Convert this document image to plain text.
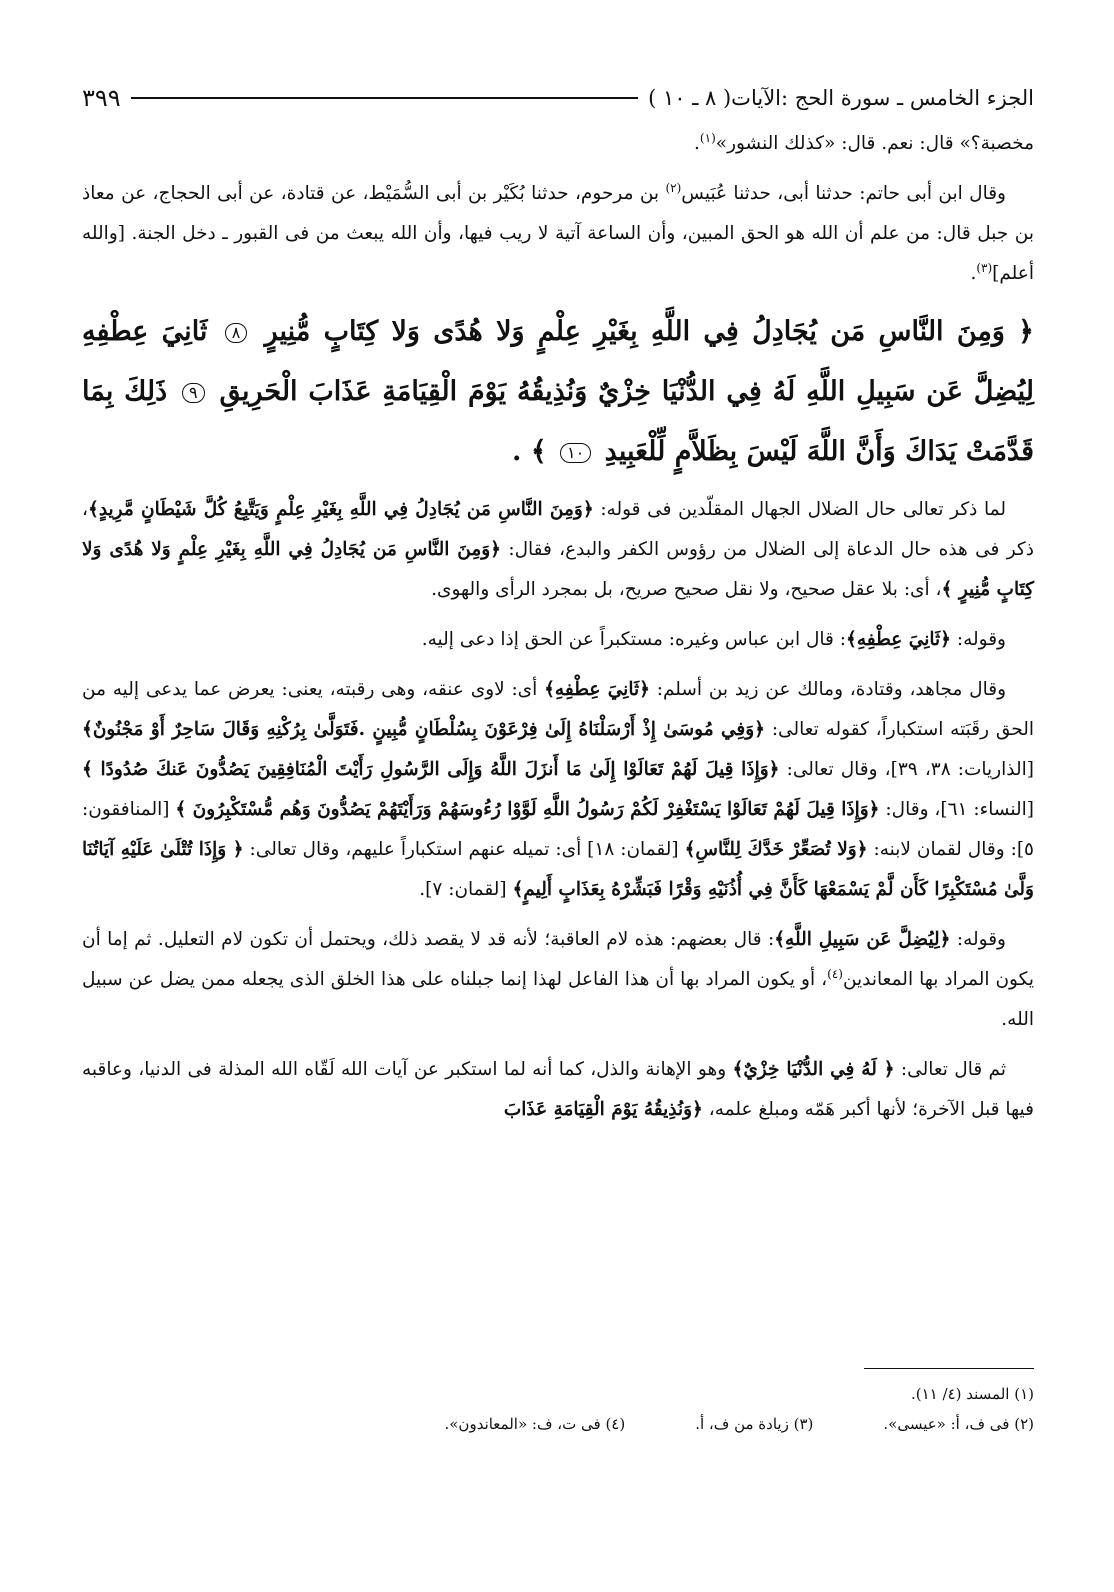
الجزء الخامس ـ سورة الحج :الآيات( ٨ ـ ١٠ )
٣٩٩

مخصبة؟» قال: نعم. قال: «كذلك النشور»$^{(١)}$.

وقال ابن أبى حاتم: حدثنا أبى، حدثنا عُبَيس$^{(٢)}$ بن مرحوم، حدثنا بُكَيْر بن أبى السُّمَيْط، عن قتادة، عن أبى الحجاج، عن معاذ بن جبل قال: من علم أن الله هو الحق المبين، وأن الساعة آتية لا ريب فيها، وأن الله يبعث من فى القبور ـ دخل الجنة. [والله أعلم]$^{(٣)}$.

﴿ وَمِنَ النَّاسِ مَن يُجَادِلُ فِي اللَّهِ بِغَيْرِ عِلْمٍ وَلا هُدًى وَلا كِتَابٍ مُّنِيرٍ ٨ ثَانِيَ عِطْفِهِ لِيُضِلَّ عَن سَبِيلِ اللَّهِ لَهُ فِي الدُّنْيَا خِزْيٌ وَنُذِيقُهُ يَوْمَ الْقِيَامَةِ عَذَابَ الْحَرِيقِ ٩ ذَلِكَ بِمَا قَدَّمَتْ يَدَاكَ وَأَنَّ اللَّهَ لَيْسَ بِظَلاَّمٍ لِّلْعَبِيدِ ١٠ ﴾ .

لما ذكر تعالى حال الضلال الجهال المقلّدين فى قوله: ﴿وَمِنَ النَّاسِ مَن يُجَادِلُ فِي اللَّهِ بِغَيْرِ عِلْمٍ وَيَتَّبِعُ كُلَّ شَيْطَانٍ مَّرِيدٍ﴾، ذكر فى هذه حال الدعاة إلى الضلال من رؤوس الكفر والبدع، فقال: ﴿وَمِنَ النَّاسِ مَن يُجَادِلُ فِي اللَّهِ بِغَيْرِ عِلْمٍ وَلا هُدًى وَلا كِتَابٍ مُّنِيرٍ ﴾، أى: بلا عقل صحيح، ولا نقل صحيح صريح، بل بمجرد الرأى والهوى.

وقوله: ﴿ثَانِيَ عِطْفِهِ﴾: قال ابن عباس وغيره: مستكبراً عن الحق إذا دعى إليه.

وقال مجاهد، وقتادة، ومالك عن زيد بن أسلم: ﴿ثَانِيَ عِطْفِهِ﴾ أى: لاوى عنقه، وهى رقبته، يعنى: يعرض عما يدعى إليه من الحق رقَبَته استكباراً، كقوله تعالى: ﴿وَفِي مُوسَىٰ إِذْ أَرْسَلْنَاهُ إِلَىٰ فِرْعَوْنَ بِسُلْطَانٍ مُّبِينٍ .فَتَوَلَّىٰ بِرُكْنِهِ وَقَالَ سَاحِرٌ أَوْ مَجْنُونٌ﴾ [الذاريات: ٣٨، ٣٩]، وقال تعالى: ﴿وَإِذَا قِيلَ لَهُمْ تَعَالَوْا إِلَىٰ مَا أَنزَلَ اللَّهُ وَإِلَى الرَّسُولِ رَأَيْتَ الْمُنَافِقِينَ يَصُدُّونَ عَنكَ صُدُودًا ﴾ [النساء: ٦١]، وقال: ﴿وَإِذَا قِيلَ لَهُمْ تَعَالَوْا يَسْتَغْفِرْ لَكُمْ رَسُولُ اللَّهِ لَوَّوْا رُءُوسَهُمْ وَرَأَيْتَهُمْ يَصُدُّونَ وَهُم مُّسْتَكْبِرُونَ ﴾ [المنافقون: ٥]: وقال لقمان لابنه: ﴿وَلا تُصَعِّرْ خَدَّكَ لِلنَّاسِ﴾ [لقمان: ١٨] أى: تميله عنهم استكباراً عليهم، وقال تعالى: ﴿ وَإِذَا تُتْلَىٰ عَلَيْهِ آيَاتُنَا وَلَّىٰ مُسْتَكْبِرًا كَأَن لَّمْ يَسْمَعْهَا كَأَنَّ فِي أُذُنَيْهِ وَقْرًا فَبَشِّرْهُ بِعَذَابٍ أَلِيمٍ﴾ [لقمان: ٧].

وقوله: ﴿لِيُضِلَّ عَن سَبِيلِ اللَّهِ﴾: قال بعضهم: هذه لام العاقبة؛ لأنه قد لا يقصد ذلك، ويحتمل أن تكون لام التعليل. ثم إما أن يكون المراد بها المعاندين$^{(٤)}$، أو يكون المراد بها أن هذا الفاعل لهذا إنما جبلناه على هذا الخلق الذى يجعله ممن يضل عن سبيل الله.

ثم قال تعالى: ﴿ لَهُ فِي الدُّنْيَا خِزْيٌ﴾ وهو الإهانة والذل، كما أنه لما استكبر عن آيات الله لَقّاه الله المذلة فى الدنيا، وعاقبه فيها قبل الآخرة؛ لأنها أكبر هَمّه ومبلغ علمه، ﴿وَنُذِيقُهُ يَوْمَ الْقِيَامَةِ عَذَابَ

(١) المسند (٤/ ١١).
(٢) فى ف، أ: «عيسى».
(٣) زيادة من ف، أ.
(٤) فى ت، ف: «المعاندون».
